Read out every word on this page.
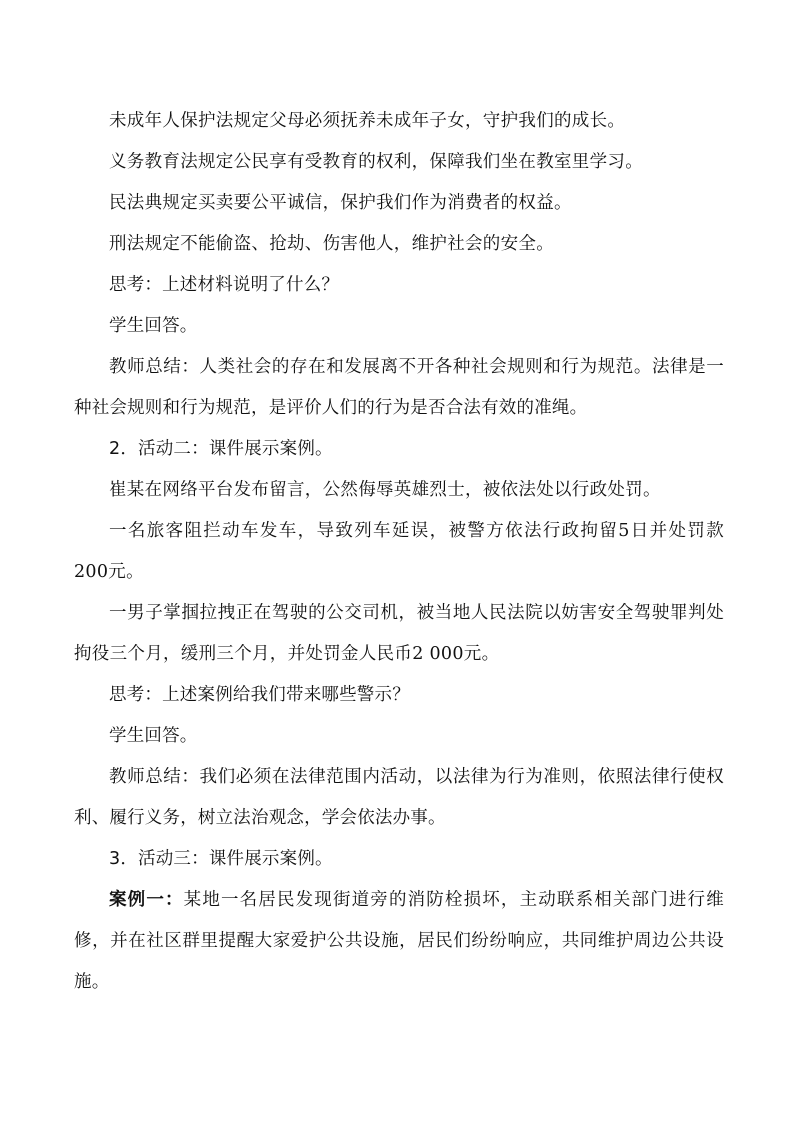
未成年人保护法规定父母必须抚养未成年子女，守护我们的成长。

义务教育法规定公民享有受教育的权利，保障我们坐在教室里学习。

民法典规定买卖要公平诚信，保护我们作为消费者的权益。

刑法规定不能偷盗、抢劫、伤害他人，维护社会的安全。

思考：上述材料说明了什么？

学生回答。

教师总结：人类社会的存在和发展离不开各种社会规则和行为规范。法律是一种社会规则和行为规范，是评价人们的行为是否合法有效的准绳。

2．活动二：课件展示案例。

崔某在网络平台发布留言，公然侮辱英雄烈士，被依法处以行政处罚。

一名旅客阻拦动车发车，导致列车延误，被警方依法行政拘留5日并处罚款200元。

一男子掌掴拉拽正在驾驶的公交司机，被当地人民法院以妨害安全驾驶罪判处拘役三个月，缓刑三个月，并处罚金人民币2 000元。

思考：上述案例给我们带来哪些警示？

学生回答。

教师总结：我们必须在法律范围内活动，以法律为行为准则，依照法律行使权利、履行义务，树立法治观念，学会依法办事。

3．活动三：课件展示案例。

案例一：某地一名居民发现街道旁的消防栓损坏，主动联系相关部门进行维修，并在社区群里提醒大家爱护公共设施，居民们纷纷响应，共同维护周边公共设施。
